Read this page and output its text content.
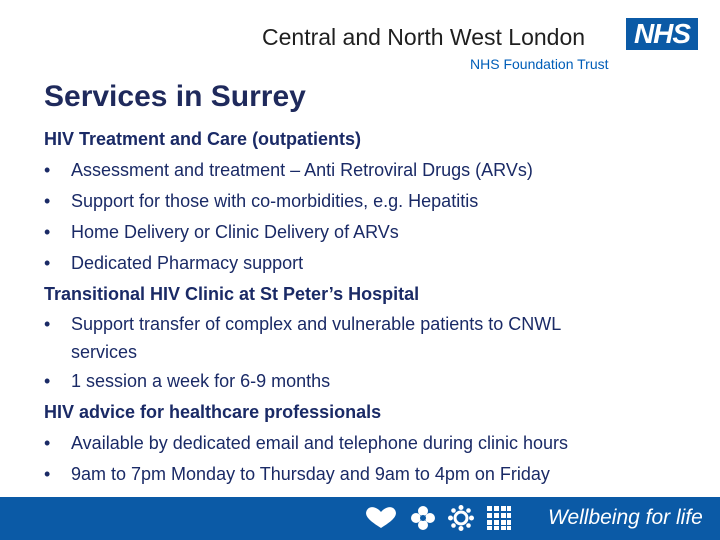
Central and North West London NHS
NHS Foundation Trust
Services in Surrey
HIV Treatment and Care (outpatients)
• Assessment and treatment – Anti Retroviral Drugs (ARVs)
• Support for those with co-morbidities, e.g. Hepatitis
• Home Delivery or Clinic Delivery of ARVs
• Dedicated Pharmacy support
Transitional HIV Clinic at St Peter’s Hospital
• Support transfer of complex and vulnerable patients to CNWL services
• 1 session a week for 6-9 months
HIV advice for healthcare professionals
• Available by dedicated email and telephone during clinic hours
• 9am to 7pm Monday to Thursday and 9am to 4pm on Friday
Wellbeing for life
